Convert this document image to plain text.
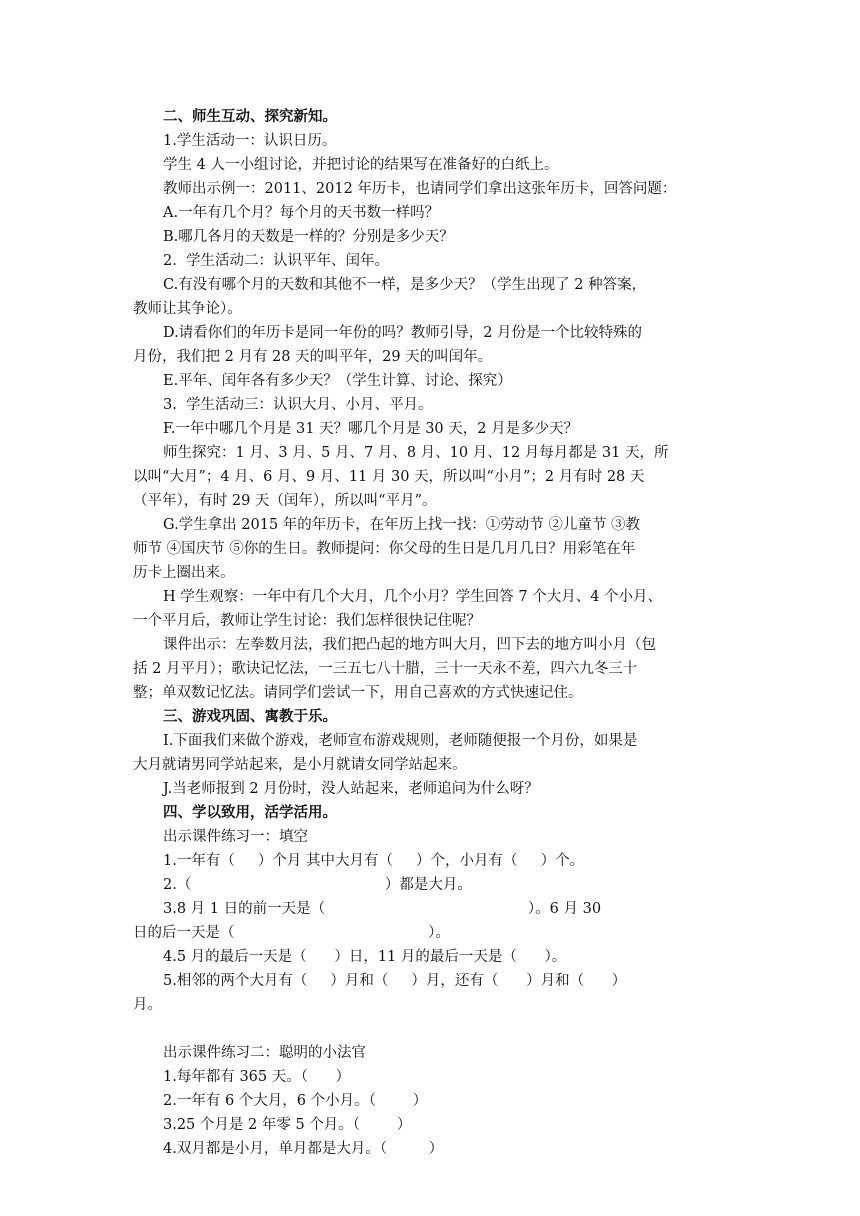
二、师生互动、探究新知。
1.学生活动一：认识日历。
学生 4 人一小组讨论，并把讨论的结果写在准备好的白纸上。
教师出示例一：2011、2012 年历卡，也请同学们拿出这张年历卡，回答问题：
A.一年有几个月？每个月的天书数一样吗？
B.哪几各月的天数是一样的？分别是多少天？
2.  学生活动二：认识平年、闰年。
C.有没有哪个月的天数和其他不一样，是多少天？（学生出现了 2 种答案，
教师让其争论）。
D.请看你们的年历卡是同一年份的吗？教师引导，2 月份是一个比较特殊的
月份，我们把 2 月有 28 天的叫平年，29 天的叫闰年。
E.平年、闰年各有多少天？（学生计算、讨论、探究）
3.  学生活动三：认识大月、小月、平月。
F.一年中哪几个月是 31 天？哪几个月是 30 天，2 月是多少天？
师生探究：1 月、3 月、5 月、7 月、8 月、10 月、12 月每月都是 31 天，所
以叫“大月”；4 月、6 月、9 月、11 月 30 天，所以叫“小月”；2 月有时 28 天
（平年），有时 29 天（闰年），所以叫“平月”。
G.学生拿出 2015 年的年历卡，在年历上找一找：①劳动节 ②儿童节 ③教
师节 ④国庆节 ⑤你的生日。教师提问：你父母的生日是几月几日？用彩笔在年
历卡上圈出来。
H 学生观察：一年中有几个大月，几个小月？学生回答 7 个大月、4 个小月、
一个平月后，教师让学生讨论：我们怎样很快记住呢？
课件出示：左拳数月法，我们把凸起的地方叫大月，凹下去的地方叫小月（包
括 2 月平月）；歌诀记忆法，一三五七八十腊，三十一天永不差，四六九冬三十
整；单双数记忆法。请同学们尝试一下，用自己喜欢的方式快速记住。
三、游戏巩固、寓教于乐。
I.下面我们来做个游戏，老师宣布游戏规则，老师随便报一个月份，如果是
大月就请男同学站起来，是小月就请女同学站起来。
J.当老师报到 2 月份时，没人站起来，老师追问为什么呀？
四、学以致用，活学活用。
出示课件练习一：填空
1.一年有（     ）个月 其中大月有（     ）个，小月有（     ）个。
2.（                                          ）都是大月。
3.8 月 1 日的前一天是（                                            ）。6 月 30
日的后一天是（                                          ）。
4.5 月的最后一天是（      ）日，11 月的最后一天是（      ）。
5.相邻的两个大月有（     ）月和（     ）月，还有（      ）月和（      ）
月。
出示课件练习二：聪明的小法官
1.每年都有 365 天。（      ）
2.一年有 6 个大月，6 个小月。（        ）
3.25 个月是 2 年零 5 个月。（        ）
4.双月都是小月，单月都是大月。（         ）
